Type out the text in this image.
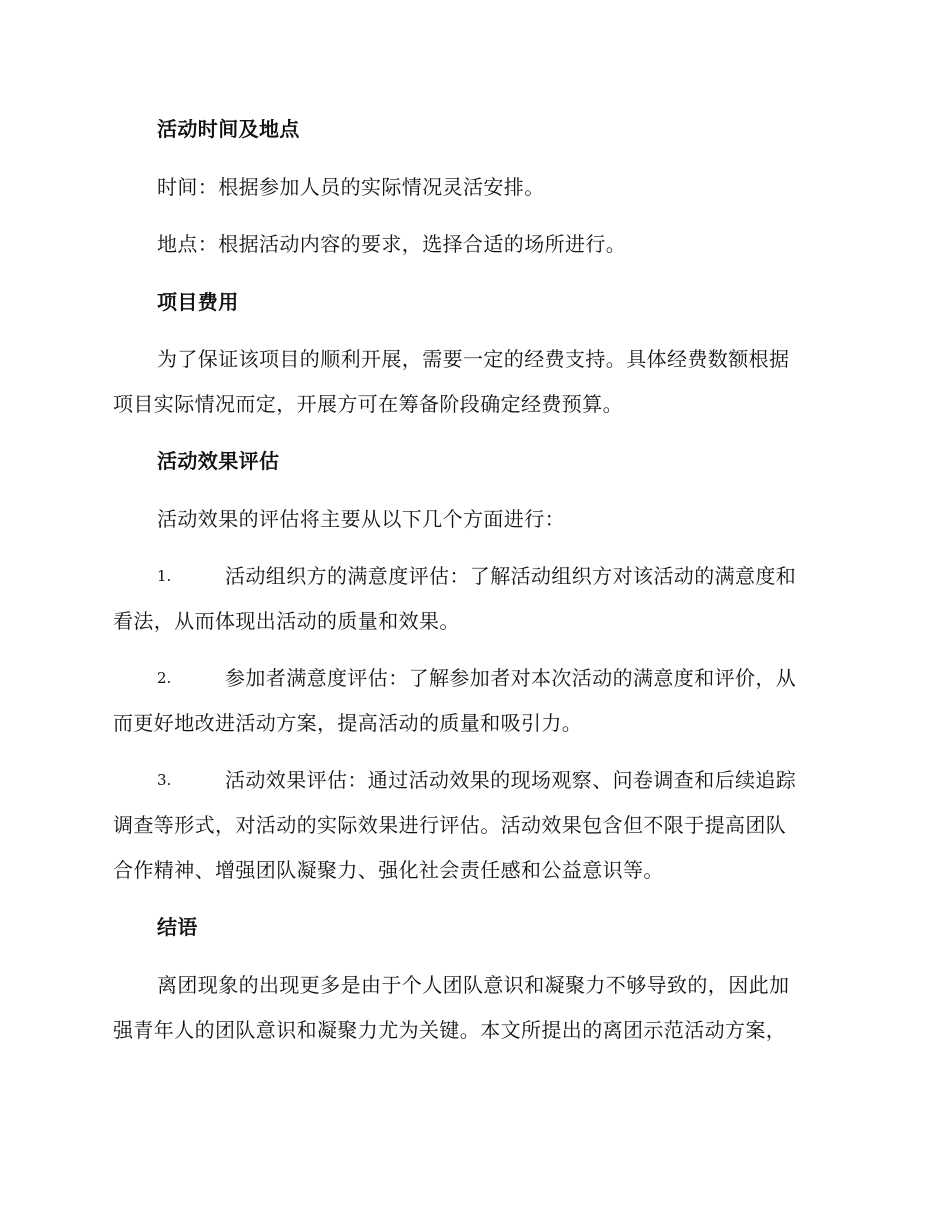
活动时间及地点
时间：根据参加人员的实际情况灵活安排。
地点：根据活动内容的要求，选择合适的场所进行。
项目费用
为了保证该项目的顺利开展，需要一定的经费支持。具体经费数额根据
项目实际情况而定，开展方可在筹备阶段确定经费预算。
活动效果评估
活动效果的评估将主要从以下几个方面进行：
1.	活动组织方的满意度评估：了解活动组织方对该活动的满意度和
看法，从而体现出活动的质量和效果。
2.	参加者满意度评估：了解参加者对本次活动的满意度和评价，从
而更好地改进活动方案，提高活动的质量和吸引力。
3.	活动效果评估：通过活动效果的现场观察、问卷调查和后续追踪
调查等形式，对活动的实际效果进行评估。活动效果包含但不限于提高团队
合作精神、增强团队凝聚力、强化社会责任感和公益意识等。
结语
离团现象的出现更多是由于个人团队意识和凝聚力不够导致的，因此加
强青年人的团队意识和凝聚力尤为关键。本文所提出的离团示范活动方案，
